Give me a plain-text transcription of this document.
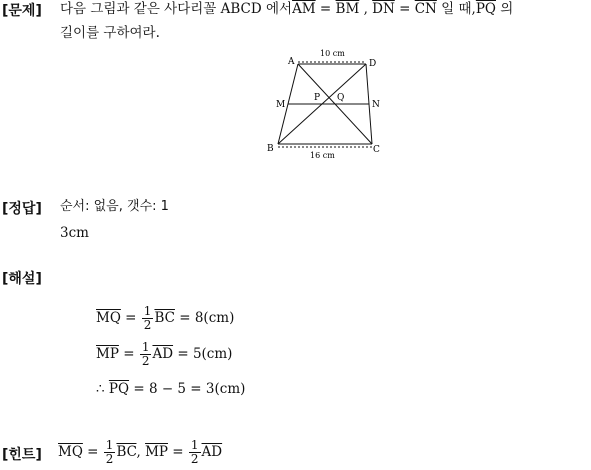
[문제] 다음 그림과 같은 사다리꼴 ABCD 에서$\overline{AM} = \overline{BM}$ , $\overline{DN} = \overline{CN}$ 일 때$,\overline{PQ}$ 의
길이를 구하여라.
A	D
M	N
P Q
B	C
10 cm
16 cm
[정답] 순서: 없음, 갯수: 1
3cm
[해설]
$\overline{MQ} = \frac{1}{2} \overline{BC} = 8(cm)$
$\overline{MP} = \frac{1}{2} \overline{AD} = 5(cm)$
∴ $\overline{PQ} = 8 - 5 = 3(cm)$
[힌트] $\overline{MQ} = \frac{1}{2} \overline{BC}$, $\overline{MP} = \frac{1}{2} \overline{AD}$
